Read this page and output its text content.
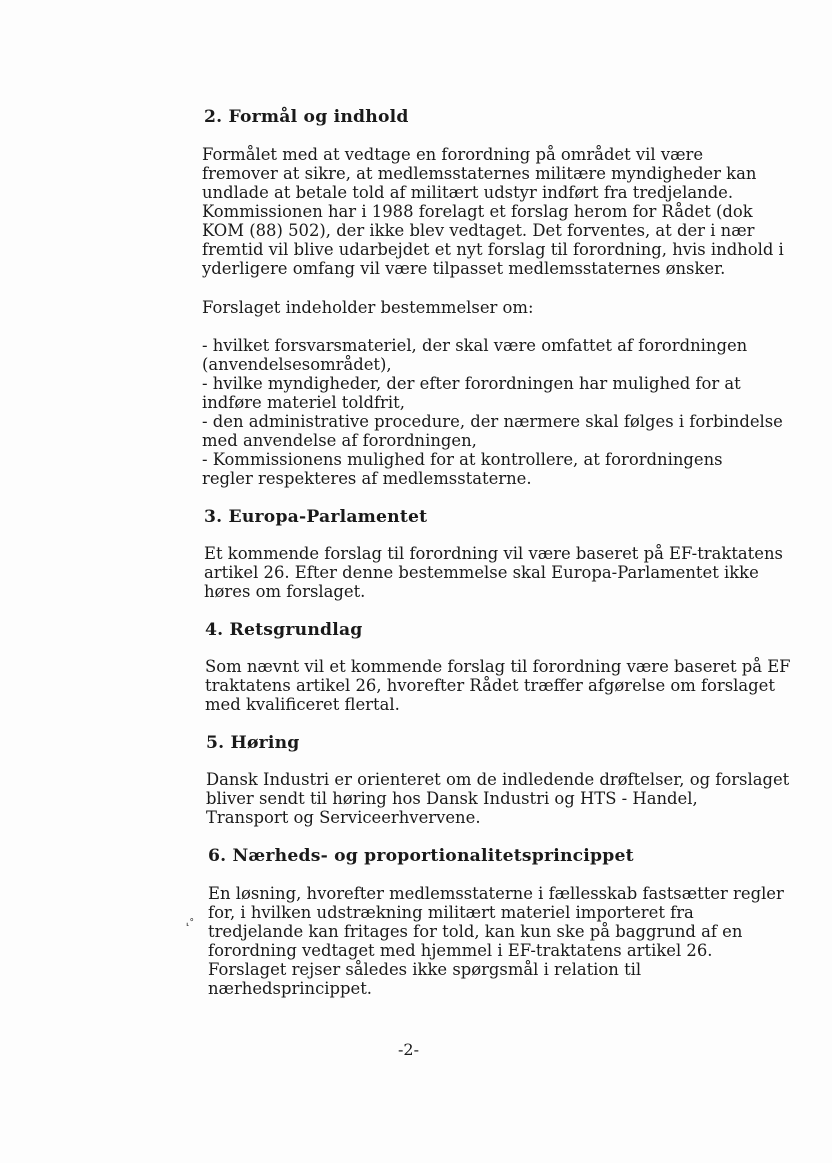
2. Formål og indhold
Formålet med at vedtage en forordning på området vil være
fremover at sikre, at medlemsstaternes militære myndigheder kan
undlade at betale told af militært udstyr indført fra tredjelande.
Kommissionen har i 1988 forelagt et forslag herom for Rådet (dok
KOM (88) 502), der ikke blev vedtaget. Det forventes, at der i nær
fremtid vil blive udarbejdet et nyt forslag til forordning, hvis indhold i
yderligere omfang vil være tilpasset medlemsstaternes ønsker.
Forslaget indeholder bestemmelser om:
- hvilket forsvarsmateriel, der skal være omfattet af forordningen
(anvendelsesområdet),
- hvilke myndigheder, der efter forordningen har mulighed for at
indføre materiel toldfrit,
- den administrative procedure, der nærmere skal følges i forbindelse
med anvendelse af forordningen,
- Kommissionens mulighed for at kontrollere, at forordningens
regler respekteres af medlemsstaterne.
3. Europa-Parlamentet
Et kommende forslag til forordning vil være baseret på EF-traktatens
artikel 26. Efter denne bestemmelse skal Europa-Parlamentet ikke
høres om forslaget.
4. Retsgrundlag
Som nævnt vil et kommende forslag til forordning være baseret på EF
traktatens artikel 26, hvorefter Rådet træffer afgørelse om forslaget
med kvalificeret flertal.
5. Høring
Dansk Industri er orienteret om de indledende drøftelser, og forslaget
bliver sendt til høring hos Dansk Industri og HTS - Handel,
Transport og Serviceerhvervene.
6. Nærheds- og proportionalitetsprincippet
En løsning, hvorefter medlemsstaterne i fællesskab fastsætter regler
for, i hvilken udstrækning militært materiel importeret fra
tredjelande kan fritages for told, kan kun ske på baggrund af en
forordning vedtaget med hjemmel i EF-traktatens artikel 26.
Forslaget rejser således ikke spørgsmål i relation til
nærhedsprincippet.
⸤°
-2-
